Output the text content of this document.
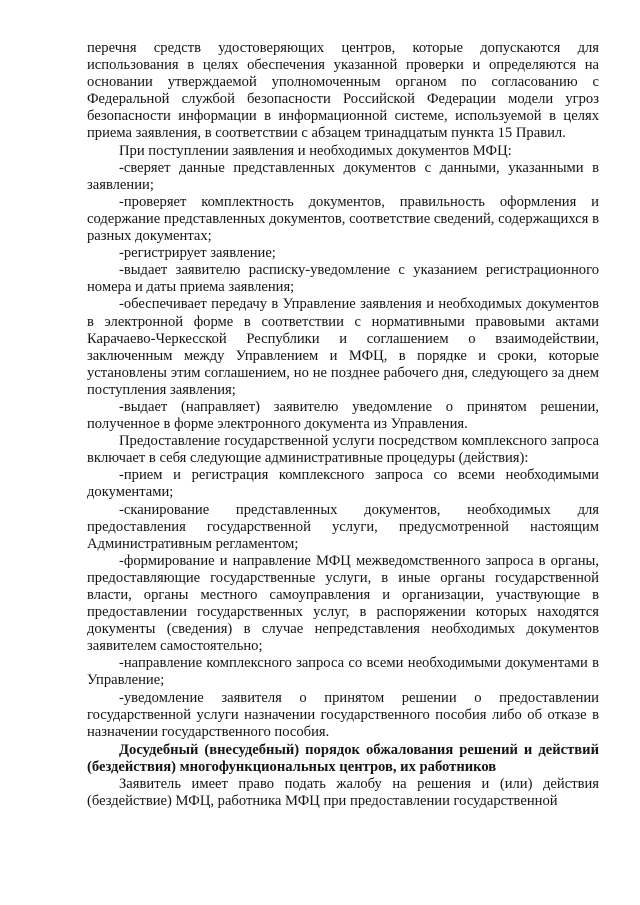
перечня средств удостоверяющих центров, которые допускаются для использования в целях обеспечения указанной проверки и определяются на основании утверждаемой уполномоченным органом по согласованию с Федеральной службой безопасности Российской Федерации модели угроз безопасности информации в информационной системе, используемой в целях приема заявления, в соответствии с абзацем тринадцатым пункта 15 Правил.

При поступлении заявления и необходимых документов МФЦ:

-сверяет данные представленных документов с данными, указанными в заявлении;

-проверяет комплектность документов, правильность оформления и содержание представленных документов, соответствие сведений, содержащихся в разных документах;

-регистрирует заявление;

-выдает заявителю расписку-уведомление с указанием регистрационного номера и даты приема заявления;

-обеспечивает передачу в Управление заявления и необходимых документов в электронной форме в соответствии с нормативными правовыми актами Карачаево-Черкесской Республики и соглашением о взаимодействии, заключенным между Управлением и МФЦ, в порядке и сроки, которые установлены этим соглашением, но не позднее рабочего дня, следующего за днем поступления заявления;

-выдает (направляет) заявителю уведомление о принятом решении, полученное в форме электронного документа из Управления.

Предоставление государственной услуги посредством комплексного запроса включает в себя следующие административные процедуры (действия):

-прием и регистрация комплексного запроса со всеми необходимыми документами;

-сканирование представленных документов, необходимых для предоставления государственной услуги, предусмотренной настоящим Административным регламентом;

-формирование и направление МФЦ межведомственного запроса в органы, предоставляющие государственные услуги, в иные органы государственной власти, органы местного самоуправления и организации, участвующие в предоставлении государственных услуг, в распоряжении которых находятся документы (сведения) в случае непредставления необходимых документов заявителем самостоятельно;

-направление комплексного запроса со всеми необходимыми документами в Управление;

-уведомление заявителя о принятом решении о предоставлении государственной услуги назначении государственного пособия либо об отказе в назначении государственного пособия.

Досудебный (внесудебный) порядок обжалования решений и действий (бездействия) многофункциональных центров, их работников

Заявитель имеет право подать жалобу на решения и (или) действия (бездействие) МФЦ, работника МФЦ при предоставлении государственной
